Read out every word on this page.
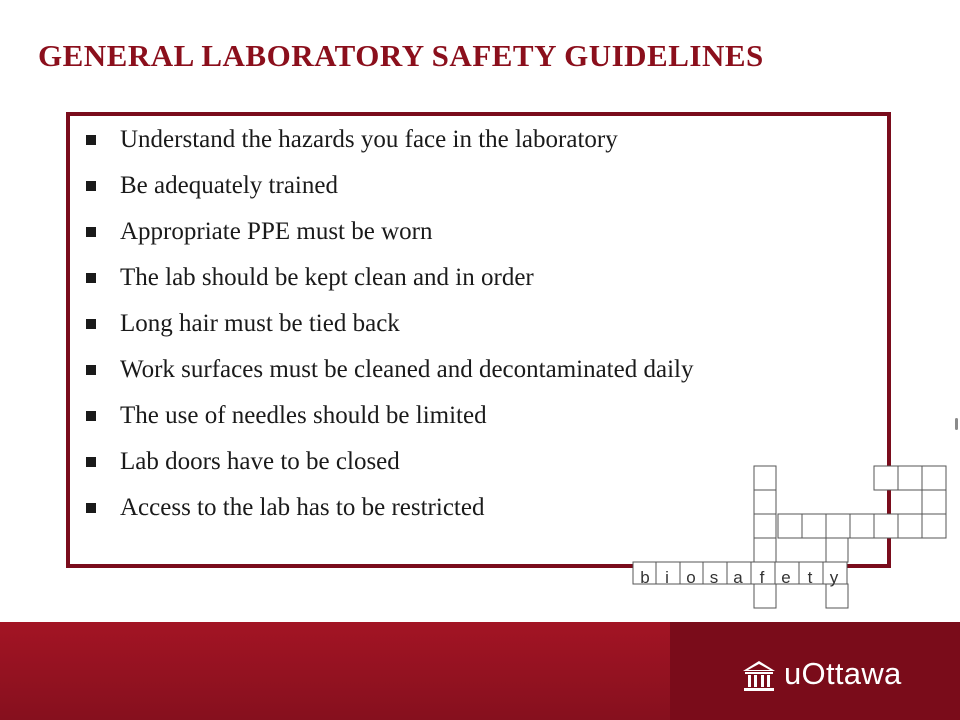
GENERAL LABORATORY SAFETY GUIDELINES
Understand the hazards you face in the laboratory
Be adequately trained
Appropriate PPE must be worn
The lab should be kept clean and in order
Long hair must be tied back
Work surfaces must be cleaned and decontaminated daily
The use of needles should be limited
Lab doors have to be closed
Access to the lab has to be restricted
b i o s a f e t y
uOttawa
